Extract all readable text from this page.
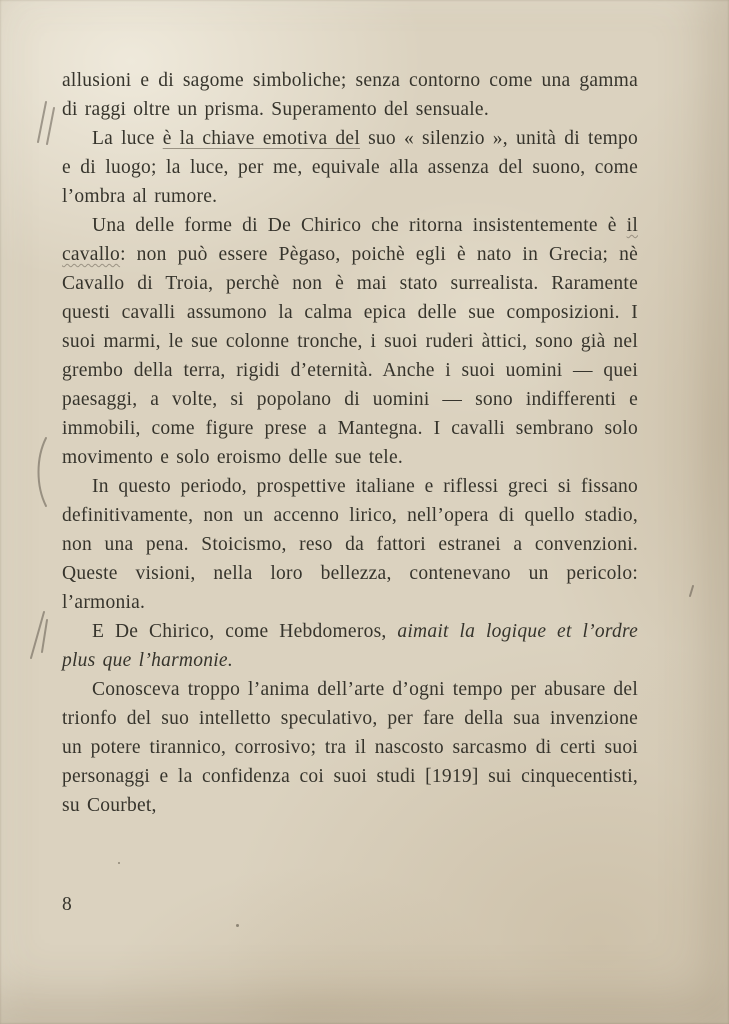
allusioni e di sagome simboliche; senza contorno come una gamma di raggi oltre un prisma. Superamento del sensuale.

La luce è la chiave emotiva del suo « silenzio », unità di tempo e di luogo; la luce, per me, equivale alla assenza del suono, come l’ombra al rumore.

Una delle forme di De Chirico che ritorna insistentemente è il cavallo: non può essere Pègaso, poichè egli è nato in Grecia; nè Cavallo di Troia, perchè non è mai stato surrealista. Raramente questi cavalli assumono la calma epica delle sue composizioni. I suoi marmi, le sue colonne tronche, i suoi ruderi àttici, sono già nel grembo della terra, rigidi d’eternità. Anche i suoi uomini — quei paesaggi, a volte, si popolano di uomini — sono indifferenti e immobili, come figure prese a Mantegna. I cavalli sembrano solo movimento e solo eroismo delle sue tele.

In questo periodo, prospettive italiane e riflessi greci si fissano definitivamente, non un accenno lirico, nell’opera di quello stadio, non una pena. Stoicismo, reso da fattori estranei a convenzioni. Queste visioni, nella loro bellezza, contenevano un pericolo: l’armonia.

E De Chirico, come Hebdomeros, aimait la logique et l’ordre plus que l’harmonie.

Conosceva troppo l’anima dell’arte d’ogni tempo per abusare del trionfo del suo intelletto speculativo, per fare della sua invenzione un potere tirannico, corrosivo; tra il nascosto sarcasmo di certi suoi personaggi e la confidenza coi suoi studi [1919] sui cinquecentisti, su Courbet,

8
